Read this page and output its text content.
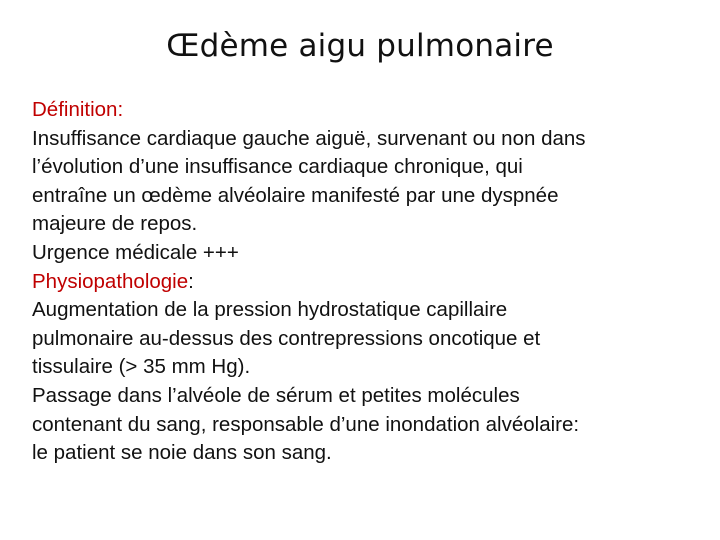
Œdème aigu pulmonaire
Définition:
Insuffisance cardiaque gauche aiguë, survenant ou non dans
l’évolution d’une insuffisance cardiaque chronique, qui
entraîne un œdème alvéolaire manifesté par une dyspnée
majeure de repos.
Urgence médicale +++
Physiopathologie:
Augmentation de la pression hydrostatique capillaire
pulmonaire au-dessus des contrepressions oncotique et
tissulaire (> 35 mm Hg).
Passage dans l’alvéole de sérum et petites molécules
contenant du sang, responsable d’une inondation alvéolaire:
le patient se noie dans son sang.
